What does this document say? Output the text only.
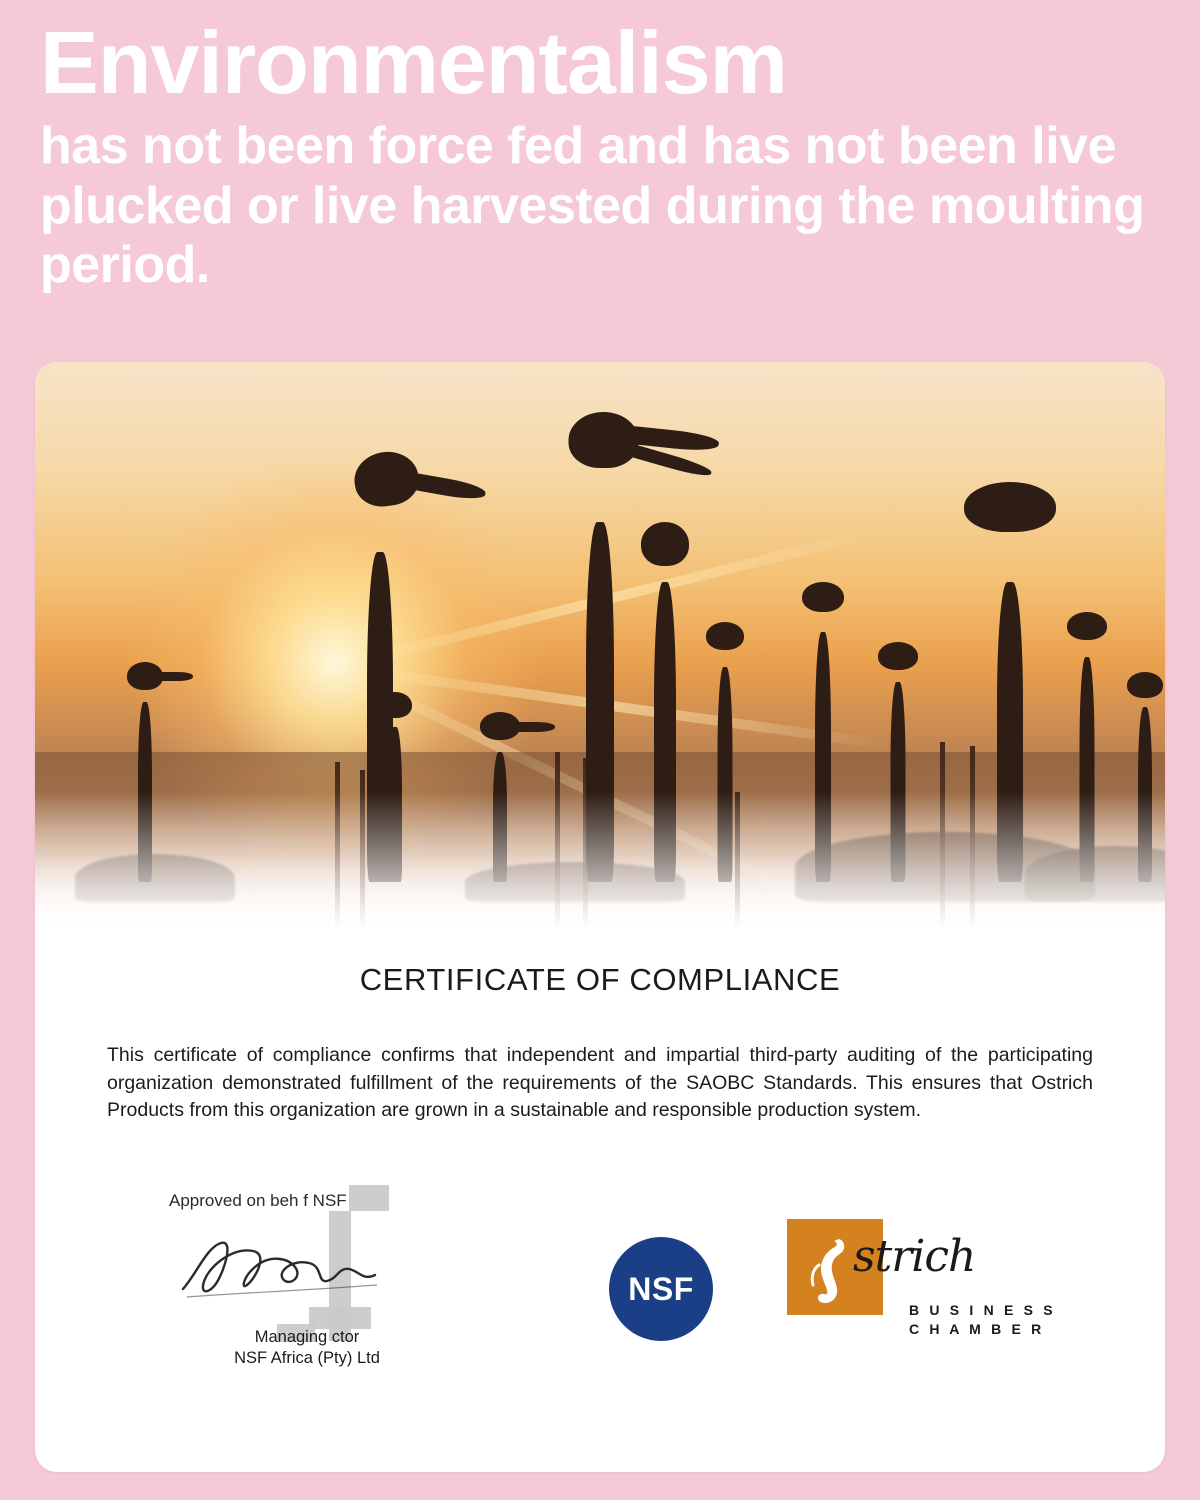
Environmentalism
has not been force fed and has not been live plucked or live harvested during the moulting period.
CERTIFICATE OF COMPLIANCE
This certificate of compliance confirms that independent and impartial third-party auditing of the participating organization demonstrated fulfillment of the requirements of the SAOBC Standards. This ensures that Ostrich Products from this organization are grown in a sustainable and responsible production system.
Approved on beh f NSF
Managing ctor
NSF Africa (Pty) Ltd
NSF
strich
B U S I N E S S
C H A M B E R
